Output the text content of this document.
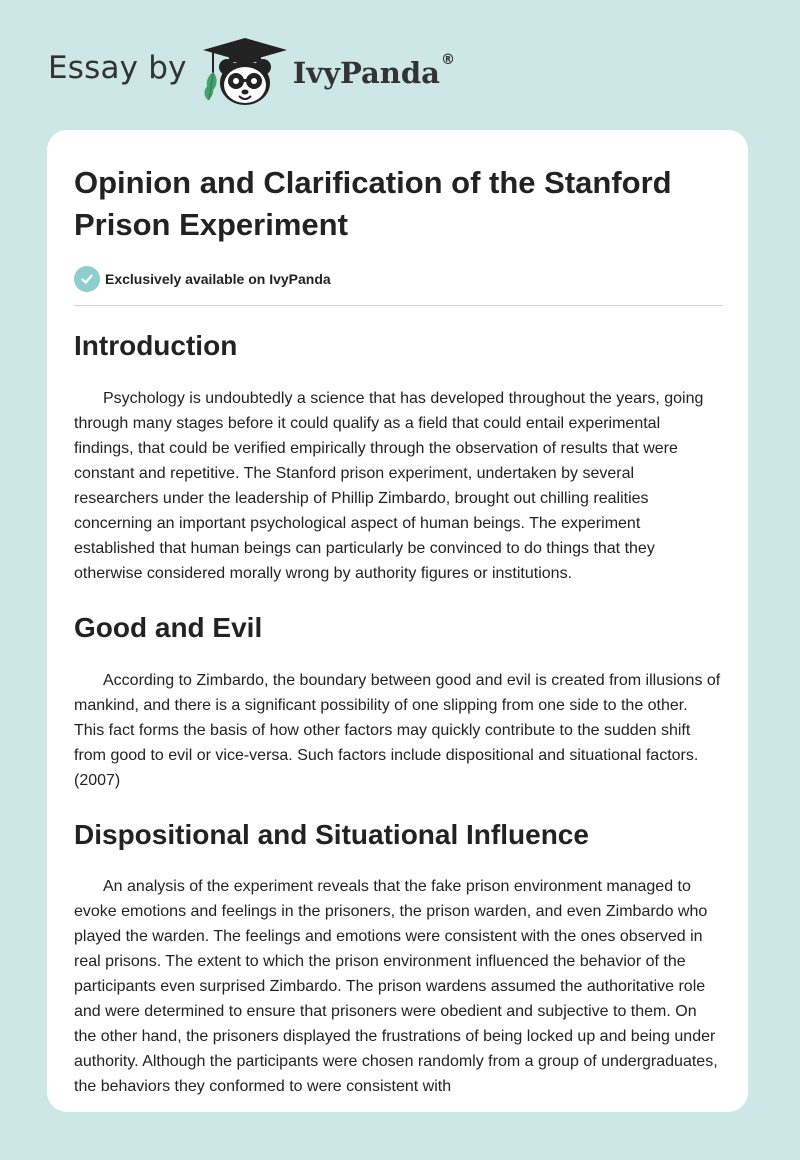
Essay by	IvyPanda®
Opinion and Clarification of the Stanford Prison Experiment
Exclusively available on IvyPanda
Introduction

Psychology is undoubtedly a science that has developed throughout the years, going through many stages before it could qualify as a field that could entail experimental findings, that could be verified empirically through the observation of results that were constant and repetitive. The Stanford prison experiment, undertaken by several researchers under the leadership of Phillip Zimbardo, brought out chilling realities concerning an important psychological aspect of human beings. The experiment established that human beings can particularly be convinced to do things that they otherwise considered morally wrong by authority figures or institutions.

Good and Evil

According to Zimbardo, the boundary between good and evil is created from illusions of mankind, and there is a significant possibility of one slipping from one side to the other. This fact forms the basis of how other factors may quickly contribute to the sudden shift from good to evil or vice-versa. Such factors include dispositional and situational factors. (2007)

Dispositional and Situational Influence

An analysis of the experiment reveals that the fake prison environment managed to evoke emotions and feelings in the prisoners, the prison warden, and even Zimbardo who played the warden. The feelings and emotions were consistent with the ones observed in real prisons. The extent to which the prison environment influenced the behavior of the participants even surprised Zimbardo. The prison wardens assumed the authoritative role and were determined to ensure that prisoners were obedient and subjective to them. On the other hand, the prisoners displayed the frustrations of being locked up and being under authority. Although the participants were chosen randomly from a group of undergraduates, the behaviors they conformed to were consistent with
